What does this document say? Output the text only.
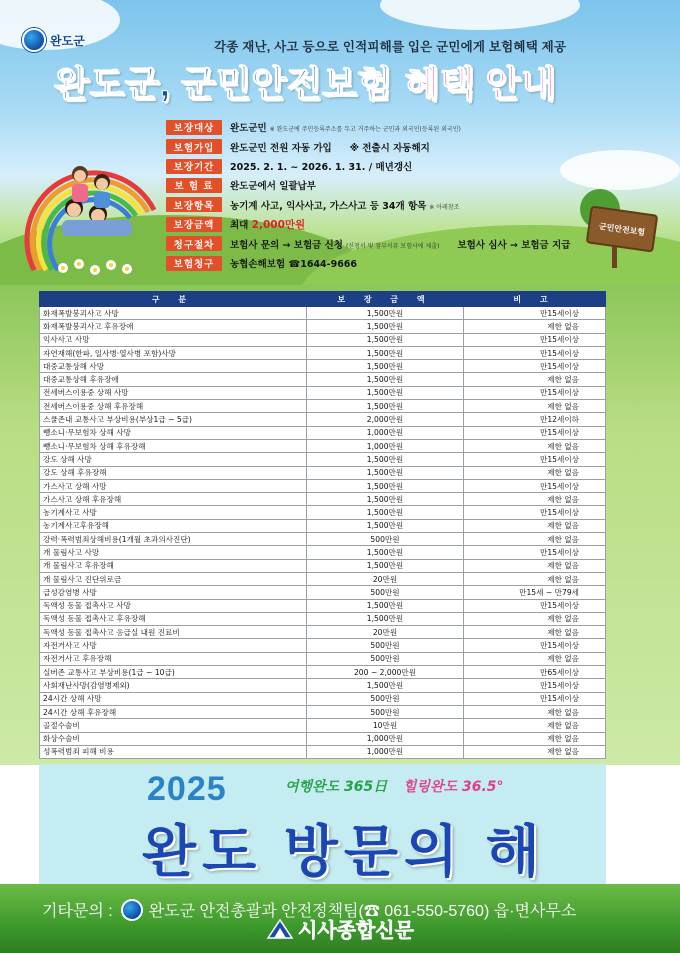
완도군	각종 재난, 사고 등으로 인적피해를 입은 군민에게 보험혜택 제공
완도군, 군민안전보험 혜택 안내
군민안전보험
보장대상	완도군민 ※ 완도군에 주민등록주소를 두고 거주하는 군민과 외국인(등록된 외국인)
보험가입	완도군민 전원 자동 가입 ※ 전출시 자동해지
보장기간	2025. 2. 1. ~ 2026. 1. 31. / 매년갱신
보 험 료	완도군에서 일괄납부
보장항목	농기계 사고, 익사사고, 가스사고 등 34개 항목 ※ 아래참조
보장금액	최대 2,000만원
청구절차	보험사 문의 → 보험금 신청 (신청서 및 첨부서류 보험사에 제출) 보험사 심사 → 보험금 지급
보험청구	농협손해보험 ☎1644-9666
구 분	보 장 금 액	비 고
화재폭발붕괴사고 사망	1,500만원	만15세이상
화재폭발붕괴사고 후유장애	1,500만원	제한 없음
익사사고 사망	1,500만원	만15세이상
자연재해(한파, 일사병·열사병 포함)사망	1,500만원	만15세이상
대중교통상해 사망	1,500만원	만15세이상
대중교통상해 후유장애	1,500만원	제한 없음
전세버스이용중 상해 사망	1,500만원	만15세이상
전세버스이용중 상해 후유장해	1,500만원	제한 없음
스쿨존내 교통사고 부상비용(부상1급 ~ 5급)	2,000만원	만12세이하
뺑소니·무보험차 상해 사망	1,000만원	만15세이상
뺑소니·무보험차 상해 후유장해	1,000만원	제한 없음
강도 상해 사망	1,500만원	만15세이상
강도 상해 후유장해	1,500만원	제한 없음
가스사고 상해 사망	1,500만원	만15세이상
가스사고 상해 후유장해	1,500만원	제한 없음
농기계사고 사망	1,500만원	만15세이상
농기계사고후유장해	1,500만원	제한 없음
강력·폭력범죄상해비용(1개월 초과의사진단)	500만원	제한 없음
개 물림사고 사망	1,500만원	만15세이상
개 물림사고 후유장해	1,500만원	제한 없음
개 물림사고 진단위로금	20만원	제한 없음
급성감염병 사망	500만원	만15세 ~ 만79세
독액성 동물 접촉사고 사망	1,500만원	만15세이상
독액성 동물 접촉사고 후유장해	1,500만원	제한 없음
독액성 동물 접촉사고 응급실 내원 진료비	20만원	제한 없음
자전거사고 사망	500만원	만15세이상
자전거사고 후유장해	500만원	제한 없음
실버존 교통사고 부상비용(1급 ~ 10급)	200 ~ 2,000만원	만65세이상
사회재난사망(감염병제외)	1,500만원	만15세이상
24시간 상해 사망	500만원	만15세이상
24시간 상해 후유장해	500만원	제한 없음
골절수술비	10만원	제한 없음
화상수술비	1,000만원	제한 없음
성폭력범죄 피해 비용	1,000만원	제한 없음
2025	여행완도 365日 힐링완도 36.5°
완도 방문의 해
기타문의 : 완도군 안전총괄과 안전정책팀(☎ 061-550-5760) 읍·면사무소
시사종합신문
